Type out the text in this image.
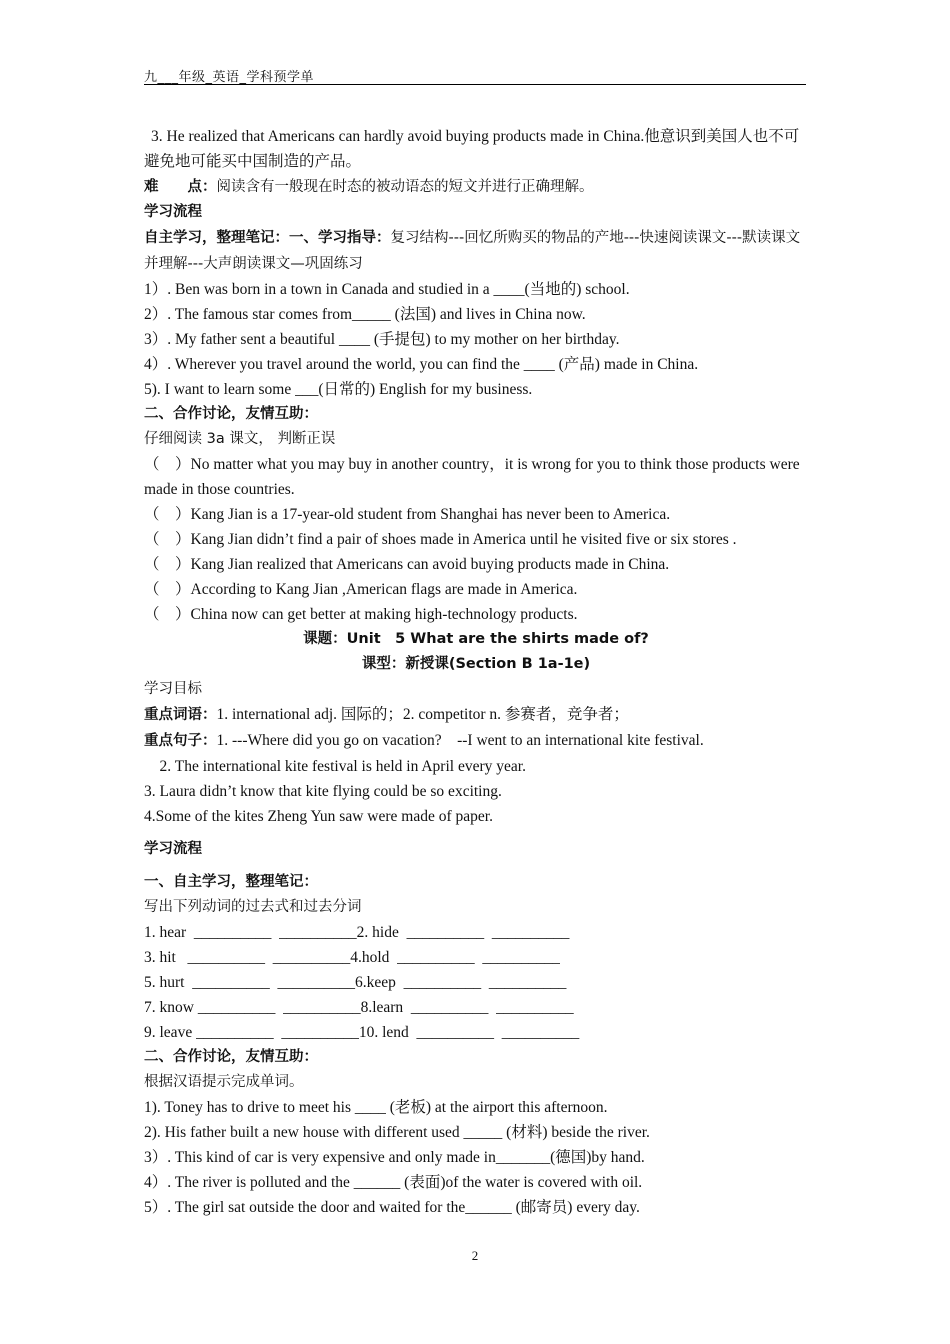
九___年级_英语_学科预学单
3. He realized that Americans can hardly avoid buying products made in China.他意识到美国人也不可避免地可能买中国制造的产品。
难　　点：阅读含有一般现在时态的被动语态的短文并进行正确理解。
学习流程
自主学习，整理笔记：一、学习指导：复习结构---回忆所购买的物品的产地---快速阅读课文---默读课文并理解---大声朗读课文—巩固练习
1）. Ben was born in a town in Canada and studied in a ____(当地的) school.
2）. The famous star comes from_____ (法国) and lives in China now.
3）. My father sent a beautiful ____ (手提包) to my mother on her birthday.
4）. Wherever you travel around the world, you can find the ____ (产品) made in China.
5). I want to learn some ___(日常的) English for my business.
二、合作讨论，友情互助：
仔细阅读 3a 课文， 判断正误
（　）No matter what you may buy in another country，it is wrong for you to think those products were made in those countries.
（　）Kang Jian is a 17-year-old student from Shanghai has never been to America.
（　）Kang Jian didn’t find a pair of shoes made in America until he visited five or six stores .
（　）Kang Jian realized that Americans can avoid buying products made in China.
（　）According to Kang Jian ,American flags are made in America.
（　）China now can get better at making high-technology products.
课题：Unit　5 What are the shirts made of?
课型：新授课(Section B 1a-1e)
学习目标
重点词语：1. international adj. 国际的；2. competitor n. 参赛者，竞争者；
重点句子：1. ---Where did you go on vacation?　--I went to an international kite festival.
　2. The international kite festival is held in April every year.
3. Laura didn’t know that kite flying could be so exciting.
4.Some of the kites Zheng Yun saw were made of paper.
学习流程
一、自主学习，整理笔记：
写出下列动词的过去式和过去分词
1. hear  __________  __________2. hide  __________  __________
3. hit   __________  __________4.hold  __________  __________
5. hurt  __________  __________6.keep  __________  __________
7. know __________  __________8.learn  __________  __________
9. leave __________  __________10. lend  __________  __________
二、合作讨论，友情互助：
根据汉语提示完成单词。
1). Toney has to drive to meet his ____ (老板) at the airport this afternoon.
2). His father built a new house with different used _____ (材料) beside the river.
3）. This kind of car is very expensive and only made in_______(德国)by hand.
4）. The river is polluted and the ______ (表面)of the water is covered with oil.
5）. The girl sat outside the door and waited for the______ (邮寄员) every day.
2
